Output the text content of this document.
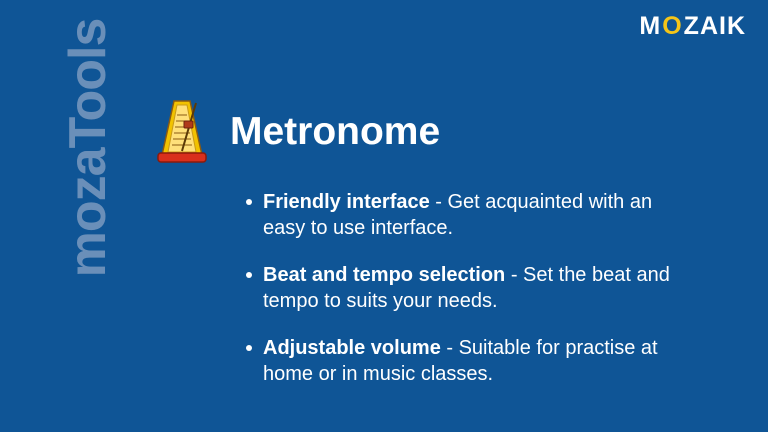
M O ZAIK
mozaTools	Metronome
Friendly interface - Get acquainted with an easy to use interface.
Beat and tempo selection - Set the beat and tempo to suits your needs.
Adjustable volume - Suitable for practise at home or in music classes.
